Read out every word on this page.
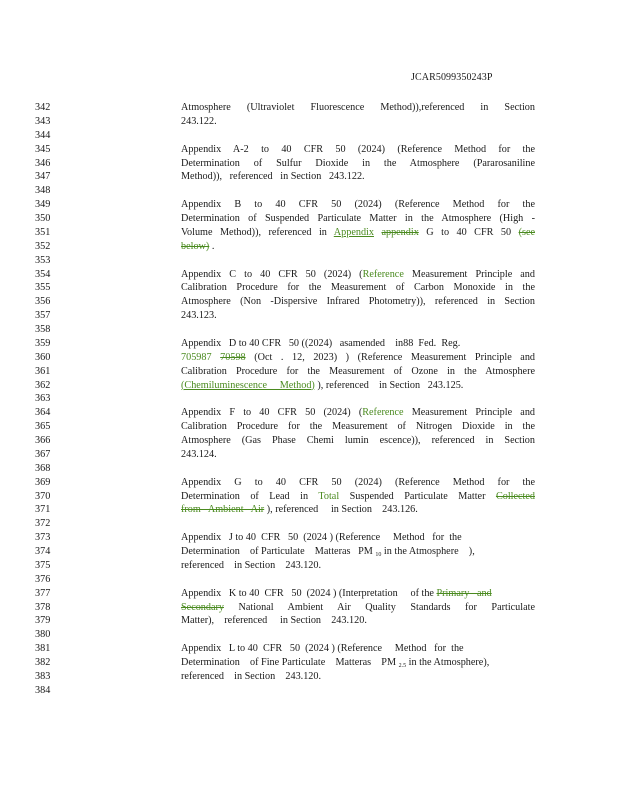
JCAR5099350243P
342	Atmosphere (Ultraviolet Fluorescence Method)),referenced in Section
343	243.122.
344
345	Appendix A-2 to 40 CFR 50 (2024) (Reference Method for the
346	Determination of Sulfur Dioxide in the Atmosphere (Pararosaniline
347	Method)),   referenced   in Section   243.122.
348
349	Appendix B to 40 CFR 50 (2024) (Reference Method for the
350	Determination of Suspended Particulate Matter in the Atmosphere (High -
351	Volume Method)), referenced in Appendix appendix G to 40 CFR 50 (see
352	below) .
353
354	Appendix C to 40 CFR 50 (2024) (Reference Measurement Principle and
355	Calibration Procedure for the Measurement of Carbon Monoxide in the
356	Atmosphere (Non -Dispersive Infrared Photometry)), referenced in Section
357	243.123.
358
359	Appendix   D to 40 CFR   50 ((2024)   asamended    in88  Fed.  Reg.
360	705987 70598 (Oct . 12, 2023) ) (Reference Measurement Principle and
361	Calibration Procedure for the Measurement of Ozone in the Atmosphere
362	(Chemiluminescence     Method) ), referenced    in Section   243.125.
363
364	Appendix F to 40 CFR 50 (2024) (Reference Measurement Principle and
365	Calibration Procedure for the Measurement of Nitrogen Dioxide in the
366	Atmosphere (Gas Phase Chemi lumin escence)), referenced in Section
367	243.124.
368
369	Appendix G to 40 CFR 50 (2024) (Reference Method for the
370	Determination of Lead in Total Suspended Particulate Matter Collected
371	from   Ambient   Air ), referenced     in Section    243.126.
372
373	Appendix   J to 40  CFR   50  (2024 ) (Reference     Method   for  the
374	Determination    of Particulate    Matteras   PM $_{10}$ in the Atmosphere    ),
375	referenced    in Section    243.120.
376
377	Appendix   K to 40  CFR   50  (2024 ) (Interpretation     of the Primary   and
378	Secondary National Ambient Air Quality Standards for Particulate
379	Matter),    referenced     in Section    243.120.
380
381	Appendix   L to 40  CFR   50  (2024 ) (Reference     Method   for  the
382	Determination    of Fine Particulate    Matteras    PM $_{2.5}$ in the Atmosphere),
383	referenced    in Section    243.120.
384
